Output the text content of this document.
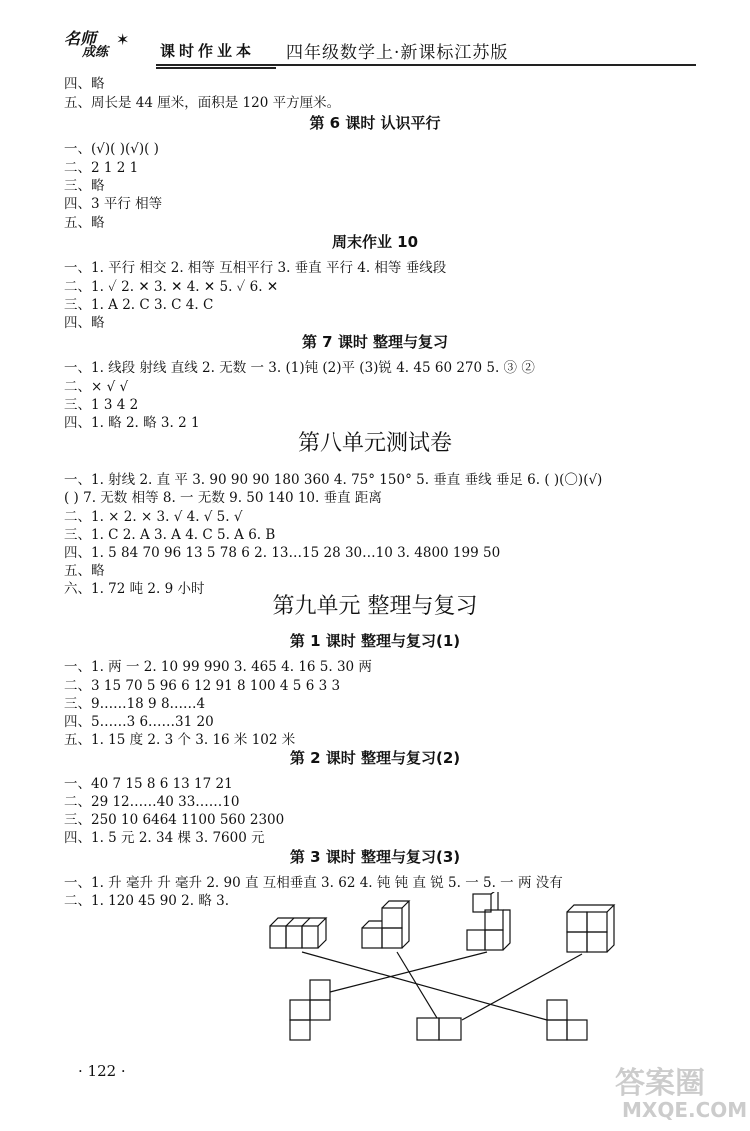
名师
成练
✶
课时作业本 四年级数学上·新课标江苏版
四、略
五、周长是 44 厘米，面积是 120 平方厘米。
一、(√)( )(√)( )
二、2 1 2 1
三、略
四、3 平行 相等
五、略
一、1. 平行 相交 2. 相等 互相平行 3. 垂直 平行 4. 相等 垂线段
二、1. ✓ 2. ✕ 3. ✕ 4. ✕ 5. ✓ 6. ✕
三、1. A 2. C 3. C 4. C
四、略
一、1. 线段 射线 直线 2. 无数 一 3. (1)钝 (2)平 (3)锐 4. 45 60 270 5. ③ ②
二、× √ √
三、1 3 4 2
四、1. 略 2. 略 3. 2 1
一、1. 射线 2. 直 平 3. 90 90 90 180 360 4. 75° 150° 5. 垂直 垂线 垂足 6. ( )(〇)(√)
( ) 7. 无数 相等 8. 一 无数 9. 50 140 10. 垂直 距离
二、1. × 2. × 3. √ 4. √ 5. √
三、1. C 2. A 3. A 4. C 5. A 6. B
四、1. 5 84 70 96 13 5 78 6 2. 13…15 28 30…10 3. 4800 199 50
五、略
六、1. 72 吨 2. 9 小时
一、1. 两 一 2. 10 99 990 3. 465 4. 16 5. 30 两
二、3 15 70 5 96 6 12 91 8 100 4 5 6 3 3
三、9……18 9 8……4
四、5……3 6……31 20
五、1. 15 度 2. 3 个 3. 16 米 102 米
一、40 7 15 8 6 13 17 21
二、29 12……40 33……10
三、250 10 6464 1100 560 2300
四、1. 5 元 2. 34 棵 3. 7600 元
一、1. 升 毫升 升 毫升 2. 90 直 互相垂直 3. 62 4. 钝 钝 直 锐 5. 一 5. 一 两 没有
二、1. 120 45 90 2. 略 3.
第 6 课时 认识平行
周末作业 10
第 7 课时 整理与复习
第 1 课时 整理与复习(1)
第 2 课时 整理与复习(2)
第 3 课时 整理与复习(3)
第八单元测试卷
第九单元 整理与复习
· 122 ·	答案圈
MXQE.COM
